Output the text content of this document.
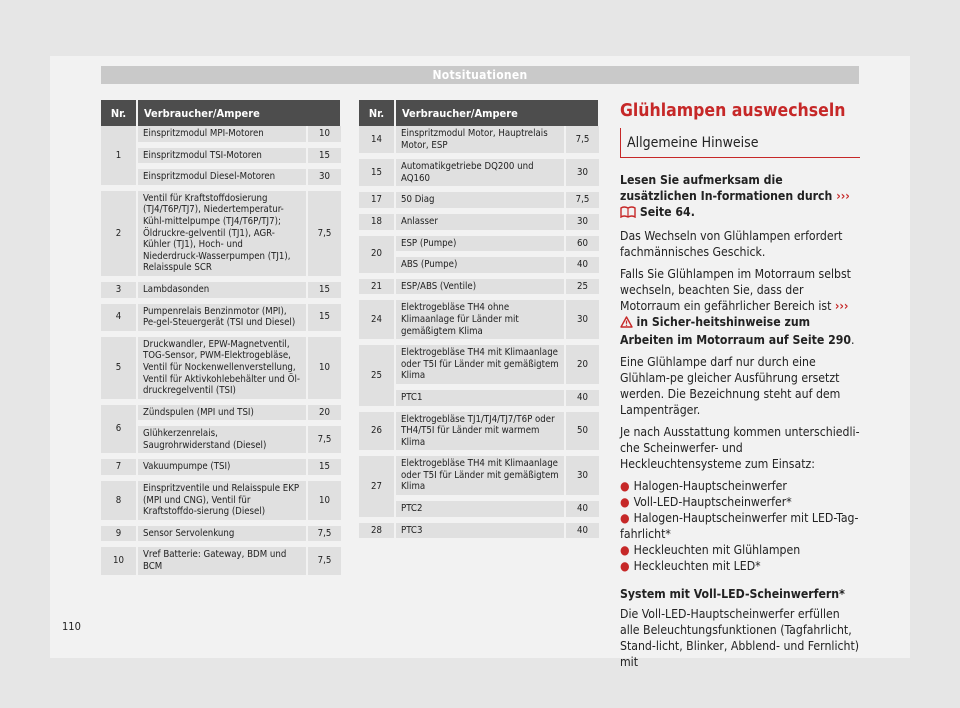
Notsituationen
Nr.	Verbraucher/Ampere	
1	Einspritzmodul MPI-Motoren	10
	Einspritzmodul TSI-Motoren	15
	Einspritzmodul Diesel-Motoren	30
2	Ventil für Kraftstoffdosierung (TJ4/T6P/TJ7), Niedertemperatur-Kühl-mittelpumpe (TJ4/T6P/TJ7); Öldruckre-gelventil (TJ1), AGR-Kühler (TJ1), Hoch- und Niederdruck-Wasserpumpen (TJ1), Relaisspule SCR	7,5
3	Lambdasonden	15
4	Pumpenrelais Benzinmotor (MPI), Pe-gel-Steuergerät (TSI und Diesel)	15
5	Druckwandler, EPW-Magnetventil, TOG-Sensor, PWM-Elektrogebläse, Ventil für Nockenwellenverstellung, Ventil für Aktivkohlebehälter und Öl-druckregelventil (TSI)	10
6	Zündspulen (MPI und TSI)	20
	Glühkerzenrelais, Saugrohrwiderstand (Diesel)	7,5
7	Vakuumpumpe (TSI)	15
8	Einspritzventile und Relaisspule EKP (MPI und CNG), Ventil für Kraftstoffdo-sierung (Diesel)	10
9	Sensor Servolenkung	7,5
10	Vref Batterie: Gateway, BDM und BCM	7,5
Nr.	Verbraucher/Ampere	
14	Einspritzmodul Motor, Hauptrelais Motor, ESP	7,5
15	Automatikgetriebe DQ200 und AQ160	30
17	50 Diag	7,5
18	Anlasser	30
20	ESP (Pumpe)	60
	ABS (Pumpe)	40
21	ESP/ABS (Ventile)	25
24	Elektrogebläse TH4 ohne Klimaanlage für Länder mit gemäßigtem Klima	30
25	Elektrogebläse TH4 mit Klimaanlage oder T5I für Länder mit gemäßigtem Klima	20
	PTC1	40
26	Elektrogebläse TJ1/TJ4/TJ7/T6P oder TH4/T5I für Länder mit warmem Klima	50
27	Elektrogebläse TH4 mit Klimaanlage oder T5I für Länder mit gemäßigtem Klima	30
	PTC2	40
28	PTC3	40
Glühlampen auswechseln
Allgemeine Hinweise

Lesen Sie aufmerksam die zusätzlichen In-formationen durch ›››  Seite 64.

Das Wechseln von Glühlampen erfordert fachmännisches Geschick.

Falls Sie Glühlampen im Motorraum selbst wechseln, beachten Sie, dass der Motorraum ein gefährlicher Bereich ist ›››  in Sicher-heitshinweise zum Arbeiten im Motorraum auf Seite 290.

Eine Glühlampe darf nur durch eine Glühlam-pe gleicher Ausführung ersetzt werden. Die Bezeichnung steht auf dem Lampenträger.

Je nach Ausstattung kommen unterschiedli-che Scheinwerfer- und Heckleuchtensysteme zum Einsatz:

● Halogen-Hauptscheinwerfer
● Voll-LED-Hauptscheinwerfer*
● Halogen-Hauptscheinwerfer mit LED-Tag-fahrlicht*
● Heckleuchten mit Glühlampen
● Heckleuchten mit LED*

System mit Voll-LED-Scheinwerfern*

Die Voll-LED-Hauptscheinwerfer erfüllen alle Beleuchtungsfunktionen (Tagfahrlicht, Stand-licht, Blinker, Abblend- und Fernlicht) mit

110
